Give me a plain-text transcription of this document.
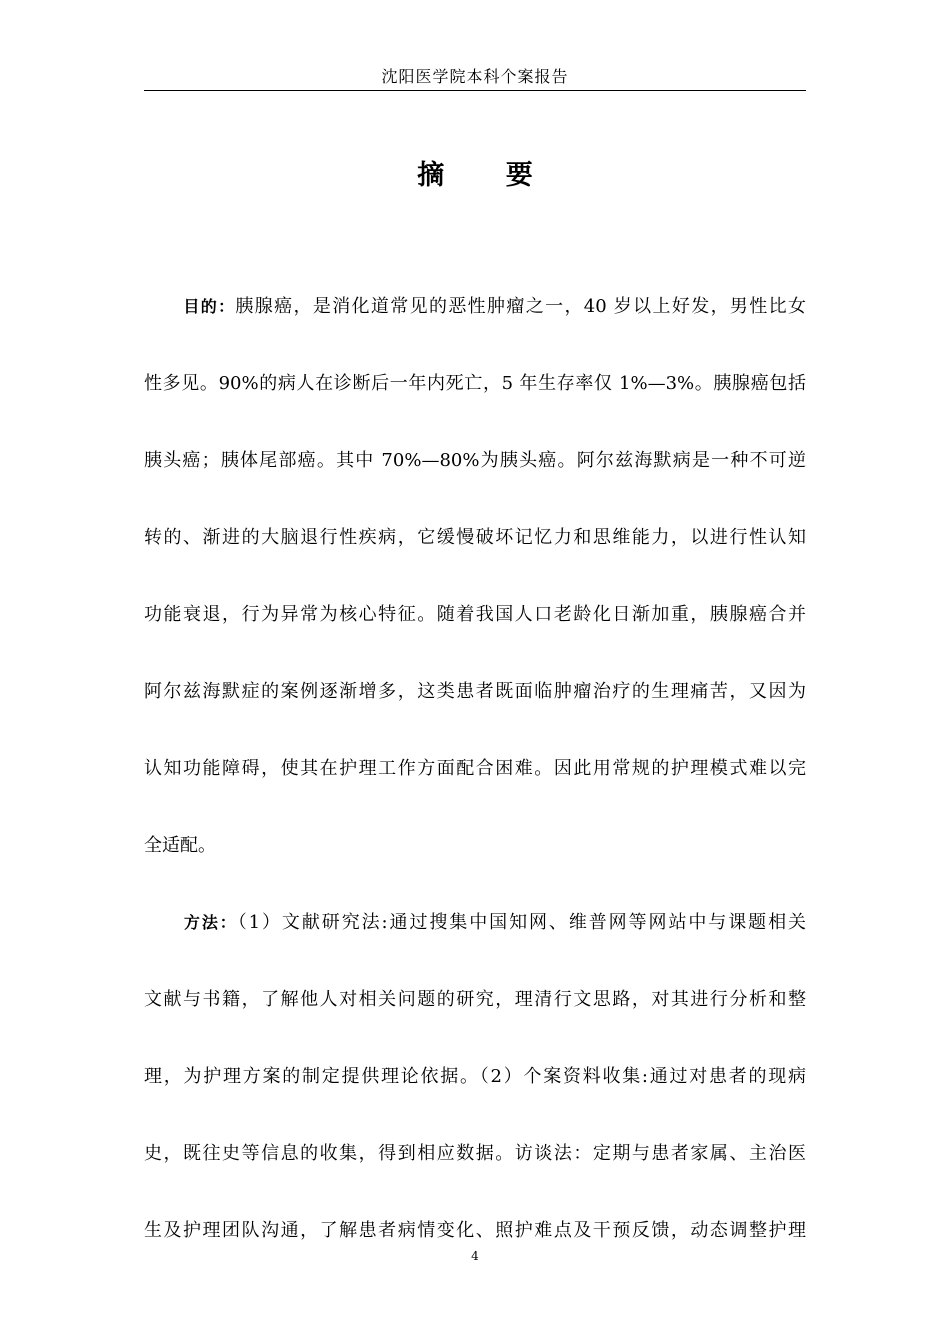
沈阳医学院本科个案报告
摘 要
目的：胰腺癌，是消化道常见的恶性肿瘤之一，40 岁以上好发，男性比女
性多见。90%的病人在诊断后一年内死亡，5 年生存率仅 1%—3%。胰腺癌包括
胰头癌；胰体尾部癌。其中 70%—80%为胰头癌。阿尔兹海默病是一种不可逆
转的、渐进的大脑退行性疾病，它缓慢破坏记忆力和思维能力，以进行性认知
功能衰退，行为异常为核心特征。随着我国人口老龄化日渐加重，胰腺癌合并
阿尔兹海默症的案例逐渐增多，这类患者既面临肿瘤治疗的生理痛苦，又因为
认知功能障碍，使其在护理工作方面配合困难。因此用常规的护理模式难以完
全适配。
方法：（1）文献研究法:通过搜集中国知网、维普网等网站中与课题相关
文献与书籍，了解他人对相关问题的研究，理清行文思路，对其进行分析和整
理，为护理方案的制定提供理论依据。（2）个案资料收集:通过对患者的现病
史，既往史等信息的收集，得到相应数据。访谈法：定期与患者家属、主治医
生及护理团队沟通，了解患者病情变化、照护难点及干预反馈，动态调整护理
4
